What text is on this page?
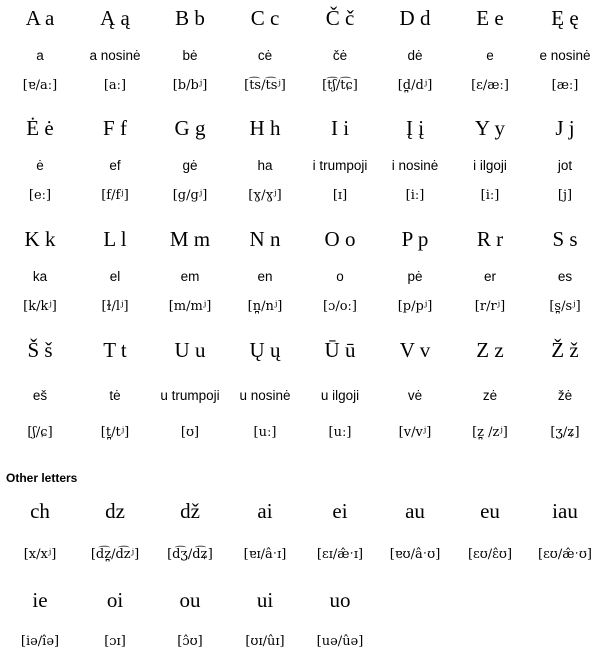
A a	Ą ą	B b	C c	Č č	D d	E e	Ę ę
a	a nosinė	bė	cė	čė	dė	e	e nosinė
[ɐ/aː]	[aː]	[b/bʲ]	[t͡s/t͡sʲ]	[t͡ʃ/t͡ɕ]	[d̪/dʲ]	[ɛ/æː]	[æː]
Ė ė	F f	G g	H h	I i	Į į	Y y	J j
ė	ef	gė	ha	i trumpoji	i nosinė	i ilgoji	jot
[eː]	[f/fʲ]	[g/gʲ]	[ɣ/ɣʲ]	[ɪ]	[iː]	[iː]	[j]
K k	L l	M m	N n	O o	P p	R r	S s
ka	el	em	en	o	pė	er	es
[k/kʲ]	[ɫ/lʲ]	[m/mʲ]	[n̪/nʲ]	[ɔ/oː]	[p/pʲ]	[r/rʲ]	[s̪/sʲ]
Š š	T t	U u	Ų ų	Ū ū	V v	Z z	Ž ž
eš	tė	u trumpoji	u nosinė	u ilgoji	vė	zė	žė
[ʃ/ɕ]	[t̪/tʲ]	[ʊ]	[uː]	[uː]	[v/vʲ]	[z̪ /zʲ]	[ʒ/ʑ]
Other letters
ch	dz	dž	ai	ei	au	eu	iau
[x/xʲ]	[d͡z̪/d͡zʲ]	[d͡ʒ/d͡ʑ]	[ɐɪ/âˑɪ]	[ɛɪ/æ̂ˑɪ]	[ɐʊ/âˑʊ]	[ɛʊ/ɛ̂ʊ]	[ɛʊ/æ̂ˑʊ]
ie	oi	ou	ui	uo
[iə/îə]	[ɔɪ]	[ɔ̂ʊ]	[ʊɪ/ûɪ]	[uə/ûə]
